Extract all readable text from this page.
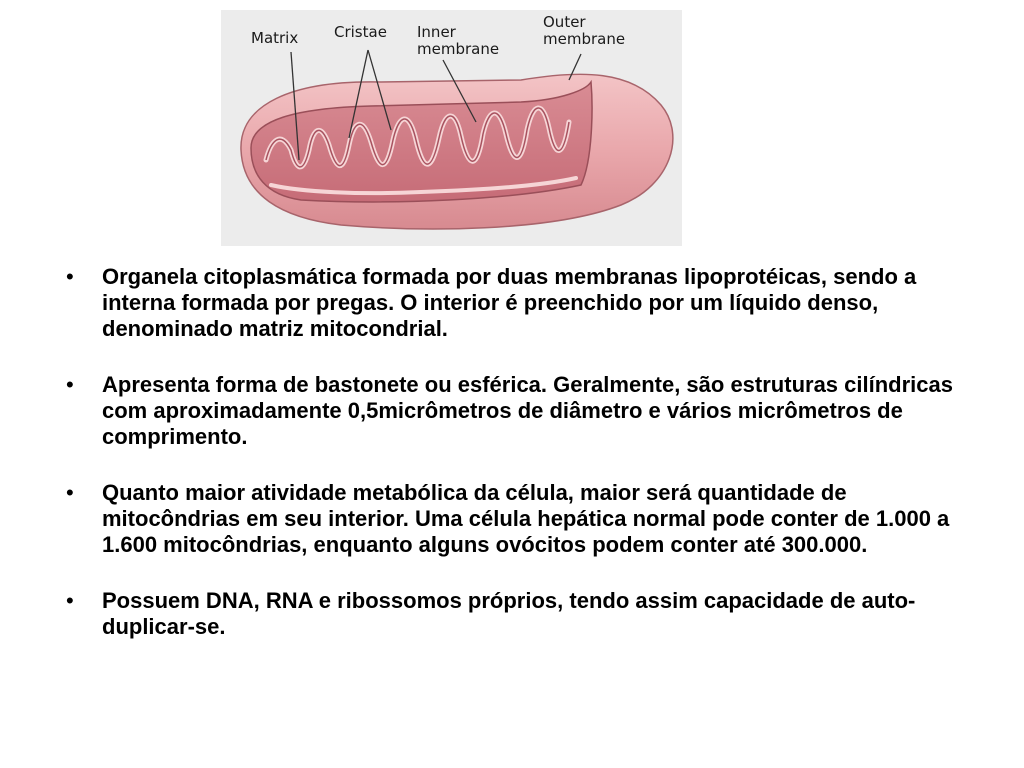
Matrix Cristae Inner
membrane
Outer
membrane
• Organela citoplasmática formada por duas membranas lipoprotéicas, sendo a interna formada por pregas. O interior é preenchido por um líquido denso, denominado matriz mitocondrial.
• Apresenta forma de bastonete ou esférica. Geralmente, são estruturas cilíndricas com aproximadamente 0,5micrômetros de diâmetro e vários micrômetros de comprimento.
• Quanto maior atividade metabólica da célula, maior será quantidade de mitocôndrias em seu interior. Uma célula hepática normal pode conter de 1.000 a 1.600 mitocôndrias, enquanto alguns ovócitos podem conter até 300.000.
• Possuem DNA, RNA e ribossomos próprios, tendo assim capacidade de auto-duplicar-se.
